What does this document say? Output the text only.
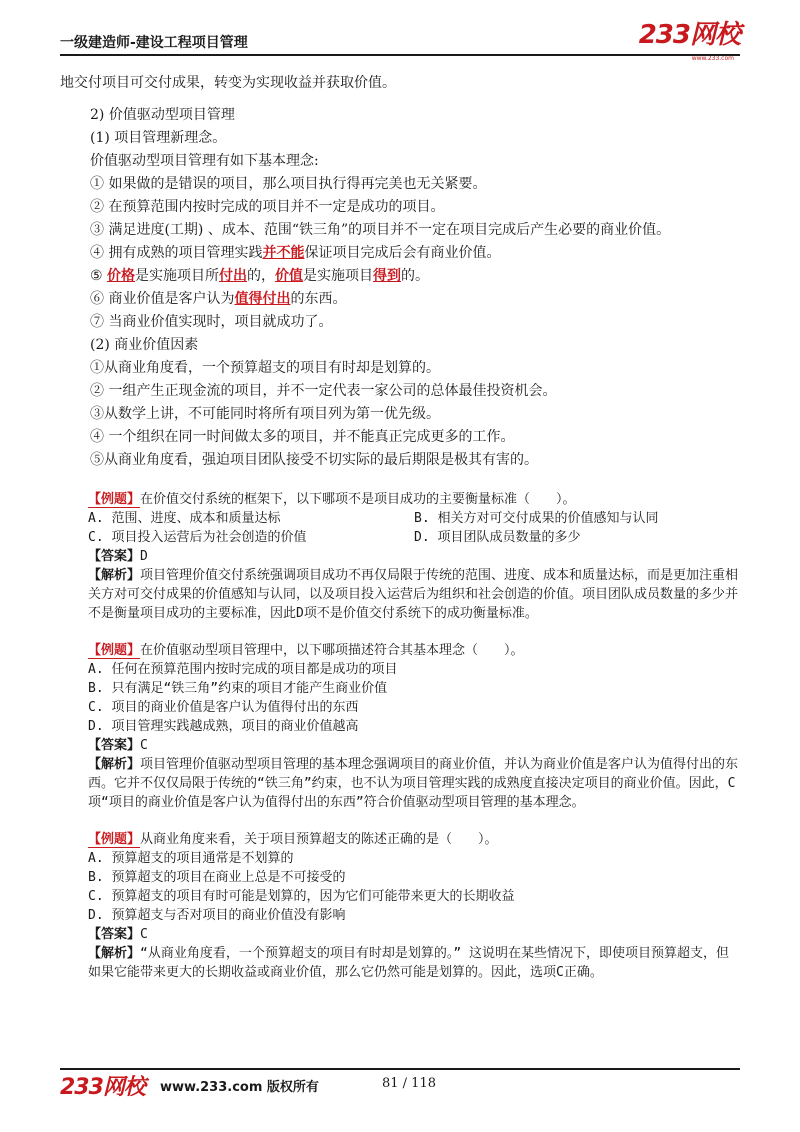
一级建造师-建设工程项目管理	233网校
www.233.com
地交付项目可交付成果，转变为实现收益并获取价值。
2) 价值驱动型项目管理
(1) 项目管理新理念。
价值驱动型项目管理有如下基本理念:
① 如果做的是错误的项目，那么项目执行得再完美也无关紧要。
② 在预算范围内按时完成的项目并不一定是成功的项目。
③ 满足进度(工期) 、成本、范围“铁三角”的项目并不一定在项目完成后产生必要的商业价值。
④ 拥有成熟的项目管理实践并不能保证项目完成后会有商业价值。
⑤ 价格是实施项目所付出的，价值是实施项目得到的。
⑥ 商业价值是客户认为值得付出的东西。
⑦ 当商业价值实现时，项目就成功了。
(2) 商业价值因素
①从商业角度看，一个预算超支的项目有时却是划算的。
② 一组产生正现金流的项目，并不一定代表一家公司的总体最佳投资机会。
③从数学上讲，不可能同时将所有项目列为第一优先级。
④ 一个组织在同一时间做太多的项目，并不能真正完成更多的工作。
⑤从商业角度看，强迫项目团队接受不切实际的最后期限是极其有害的。
【例题】在价值交付系统的框架下，以下哪项不是项目成功的主要衡量标准（　　）。
A. 范围、进度、成本和质量达标	B. 相关方对可交付成果的价值感知与认同
C. 项目投入运营后为社会创造的价值	D. 项目团队成员数量的多少
【答案】D
【解析】项目管理价值交付系统强调项目成功不再仅局限于传统的范围、进度、成本和质量达标，而是更加注重相关方对可交付成果的价值感知与认同，以及项目投入运营后为组织和社会创造的价值。项目团队成员数量的多少并不是衡量项目成功的主要标准，因此D项不是价值交付系统下的成功衡量标准。
【例题】在价值驱动型项目管理中，以下哪项描述符合其基本理念（　　）。
A. 任何在预算范围内按时完成的项目都是成功的项目
B. 只有满足“铁三角”约束的项目才能产生商业价值
C. 项目的商业价值是客户认为值得付出的东西
D. 项目管理实践越成熟，项目的商业价值越高
【答案】C
【解析】项目管理价值驱动型项目管理的基本理念强调项目的商业价值，并认为商业价值是客户认为值得付出的东西。它并不仅仅局限于传统的“铁三角”约束，也不认为项目管理实践的成熟度直接决定项目的商业价值。因此，C项“项目的商业价值是客户认为值得付出的东西”符合价值驱动型项目管理的基本理念。
【例题】从商业角度来看，关于项目预算超支的陈述正确的是（　　）。
A. 预算超支的项目通常是不划算的
B. 预算超支的项目在商业上总是不可接受的
C. 预算超支的项目有时可能是划算的，因为它们可能带来更大的长期收益
D. 预算超支与否对项目的商业价值没有影响
【答案】C
【解析】“从商业角度看，一个预算超支的项目有时却是划算的。” 这说明在某些情况下，即使项目预算超支，但如果它能带来更大的长期收益或商业价值，那么它仍然可能是划算的。因此，选项C正确。
233网校 www.233.com 版权所有	81 / 118
